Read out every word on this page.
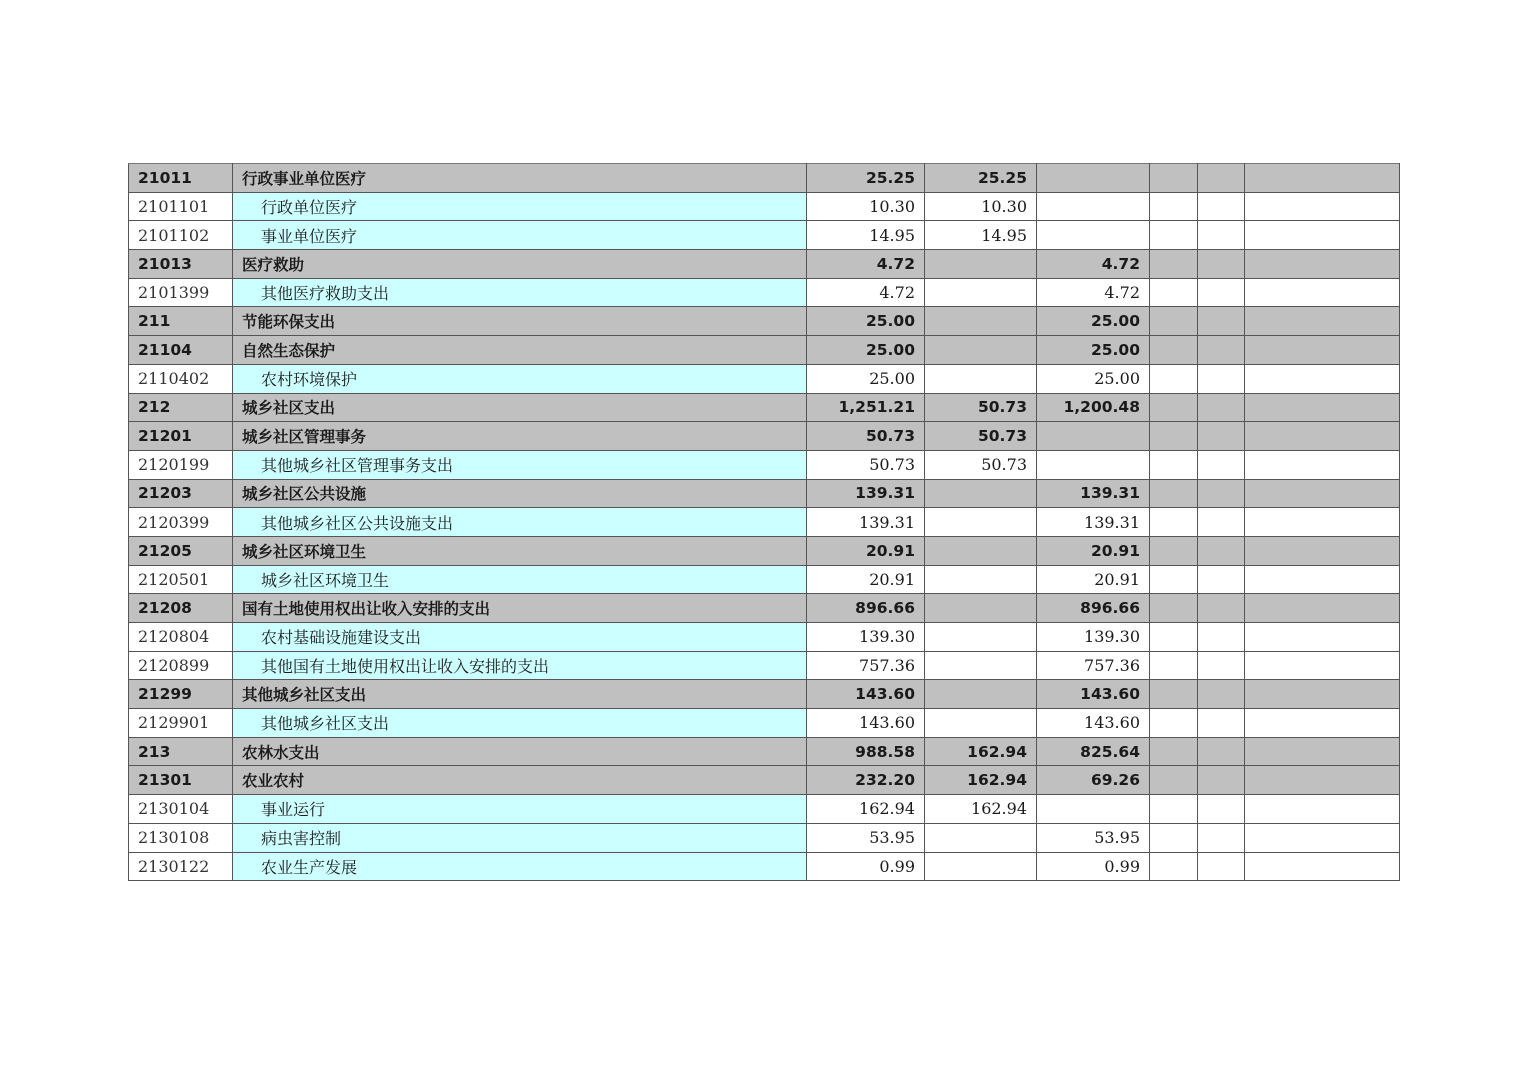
21011	行政事业单位医疗	25.25	25.25				
2101101	行政单位医疗	10.30	10.30				
2101102	事业单位医疗	14.95	14.95				
21013	医疗救助	4.72		4.72			
2101399	其他医疗救助支出	4.72		4.72			
211	节能环保支出	25.00		25.00			
21104	自然生态保护	25.00		25.00			
2110402	农村环境保护	25.00		25.00			
212	城乡社区支出	1,251.21	50.73	1,200.48			
21201	城乡社区管理事务	50.73	50.73				
2120199	其他城乡社区管理事务支出	50.73	50.73				
21203	城乡社区公共设施	139.31		139.31			
2120399	其他城乡社区公共设施支出	139.31		139.31			
21205	城乡社区环境卫生	20.91		20.91			
2120501	城乡社区环境卫生	20.91		20.91			
21208	国有土地使用权出让收入安排的支出	896.66		896.66			
2120804	农村基础设施建设支出	139.30		139.30			
2120899	其他国有土地使用权出让收入安排的支出	757.36		757.36			
21299	其他城乡社区支出	143.60		143.60			
2129901	其他城乡社区支出	143.60		143.60			
213	农林水支出	988.58	162.94	825.64			
21301	农业农村	232.20	162.94	69.26			
2130104	事业运行	162.94	162.94				
2130108	病虫害控制	53.95		53.95			
2130122	农业生产发展	0.99		0.99			
